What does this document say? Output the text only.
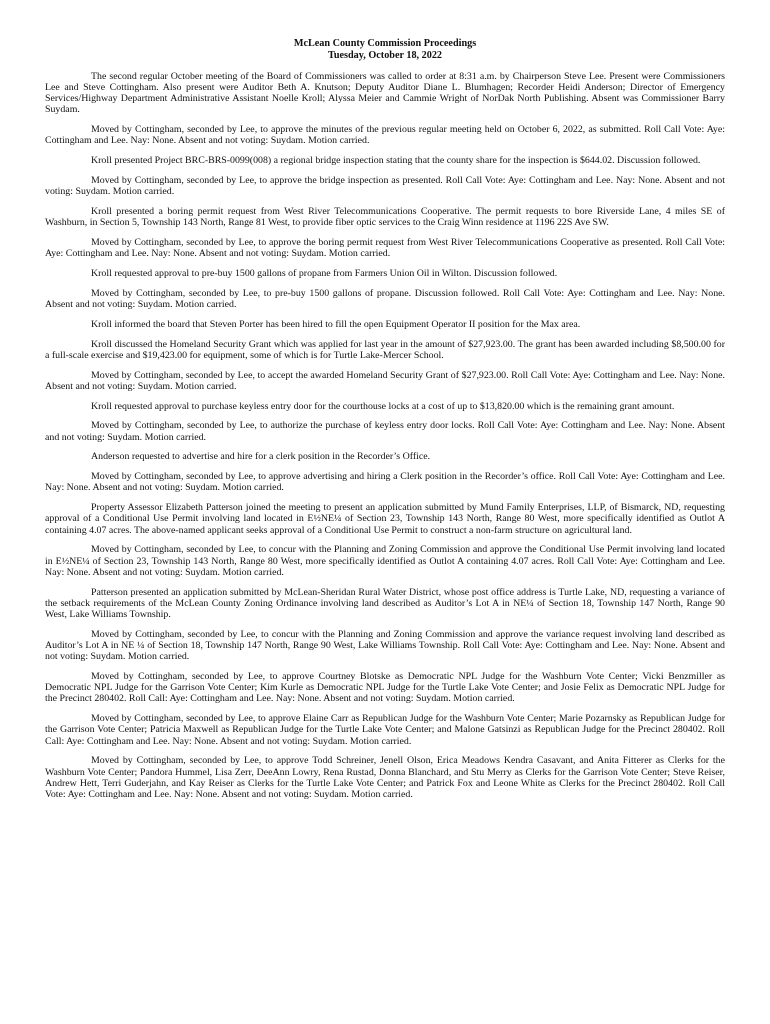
McLean County Commission Proceedings
Tuesday, October 18, 2022

The second regular October meeting of the Board of Commissioners was called to order at 8:31 a.m. by Chairperson Steve Lee. Present were Commissioners Lee and Steve Cottingham. Also present were Auditor Beth A. Knutson; Deputy Auditor Diane L. Blumhagen; Recorder Heidi Anderson; Director of Emergency Services/Highway Department Administrative Assistant Noelle Kroll; Alyssa Meier and Cammie Wright of NorDak North Publishing. Absent was Commissioner Barry Suydam.

Moved by Cottingham, seconded by Lee, to approve the minutes of the previous regular meeting held on October 6, 2022, as submitted. Roll Call Vote: Aye: Cottingham and Lee. Nay: None. Absent and not voting: Suydam. Motion carried.

Kroll presented Project BRC-BRS-0099(008) a regional bridge inspection stating that the county share for the inspection is $644.02. Discussion followed.

Moved by Cottingham, seconded by Lee, to approve the bridge inspection as presented. Roll Call Vote: Aye: Cottingham and Lee. Nay: None. Absent and not voting: Suydam. Motion carried.

Kroll presented a boring permit request from West River Telecommunications Cooperative. The permit requests to bore Riverside Lane, 4 miles SE of Washburn, in Section 5, Township 143 North, Range 81 West, to provide fiber optic services to the Craig Winn residence at 1196 22S Ave SW.

Moved by Cottingham, seconded by Lee, to approve the boring permit request from West River Telecommunications Cooperative as presented. Roll Call Vote: Aye: Cottingham and Lee. Nay: None. Absent and not voting: Suydam. Motion carried.

Kroll requested approval to pre-buy 1500 gallons of propane from Farmers Union Oil in Wilton. Discussion followed.

Moved by Cottingham, seconded by Lee, to pre-buy 1500 gallons of propane. Discussion followed. Roll Call Vote: Aye: Cottingham and Lee. Nay: None. Absent and not voting: Suydam. Motion carried.

Kroll informed the board that Steven Porter has been hired to fill the open Equipment Operator II position for the Max area.

Kroll discussed the Homeland Security Grant which was applied for last year in the amount of $27,923.00. The grant has been awarded including $8,500.00 for a full-scale exercise and $19,423.00 for equipment, some of which is for Turtle Lake-Mercer School.

Moved by Cottingham, seconded by Lee, to accept the awarded Homeland Security Grant of $27,923.00. Roll Call Vote: Aye: Cottingham and Lee. Nay: None. Absent and not voting: Suydam. Motion carried.

Kroll requested approval to purchase keyless entry door for the courthouse locks at a cost of up to $13,820.00 which is the remaining grant amount.

Moved by Cottingham, seconded by Lee, to authorize the purchase of keyless entry door locks. Roll Call Vote: Aye: Cottingham and Lee. Nay: None. Absent and not voting: Suydam. Motion carried.

Anderson requested to advertise and hire for a clerk position in the Recorder’s Office.

Moved by Cottingham, seconded by Lee, to approve advertising and hiring a Clerk position in the Recorder’s office. Roll Call Vote: Aye: Cottingham and Lee. Nay: None. Absent and not voting: Suydam. Motion carried.

Property Assessor Elizabeth Patterson joined the meeting to present an application submitted by Mund Family Enterprises, LLP, of Bismarck, ND, requesting approval of a Conditional Use Permit involving land located in E½NE¼ of Section 23, Township 143 North, Range 80 West, more specifically identified as Outlot A containing 4.07 acres. The above-named applicant seeks approval of a Conditional Use Permit to construct a non-farm structure on agricultural land.

Moved by Cottingham, seconded by Lee, to concur with the Planning and Zoning Commission and approve the Conditional Use Permit involving land located in E½NE¼ of Section 23, Township 143 North, Range 80 West, more specifically identified as Outlot A containing 4.07 acres. Roll Call Vote: Aye: Cottingham and Lee. Nay: None. Absent and not voting: Suydam. Motion carried.

Patterson presented an application submitted by McLean-Sheridan Rural Water District, whose post office address is Turtle Lake, ND, requesting a variance of the setback requirements of the McLean County Zoning Ordinance involving land described as Auditor’s Lot A in NE¼ of Section 18, Township 147 North, Range 90 West, Lake Williams Township.

Moved by Cottingham, seconded by Lee, to concur with the Planning and Zoning Commission and approve the variance request involving land described as Auditor’s Lot A in NE ¼ of Section 18, Township 147 North, Range 90 West, Lake Williams Township. Roll Call Vote: Aye: Cottingham and Lee. Nay: None. Absent and not voting: Suydam. Motion carried.

Moved by Cottingham, seconded by Lee, to approve Courtney Blotske as Democratic NPL Judge for the Washburn Vote Center; Vicki Benzmiller as Democratic NPL Judge for the Garrison Vote Center; Kim Kurle as Democratic NPL Judge for the Turtle Lake Vote Center; and Josie Felix as Democratic NPL Judge for the Precinct 280402. Roll Call: Aye: Cottingham and Lee. Nay: None. Absent and not voting: Suydam. Motion carried.

Moved by Cottingham, seconded by Lee, to approve Elaine Carr as Republican Judge for the Washburn Vote Center; Marie Pozarnsky as Republican Judge for the Garrison Vote Center; Patricia Maxwell as Republican Judge for the Turtle Lake Vote Center; and Malone Gatsinzi as Republican Judge for the Precinct 280402. Roll Call: Aye: Cottingham and Lee. Nay: None. Absent and not voting: Suydam. Motion carried.

Moved by Cottingham, seconded by Lee, to approve Todd Schreiner, Jenell Olson, Erica Meadows Kendra Casavant, and Anita Fitterer as Clerks for the Washburn Vote Center; Pandora Hummel, Lisa Zerr, DeeAnn Lowry, Rena Rustad, Donna Blanchard, and Stu Merry as Clerks for the Garrison Vote Center; Steve Reiser, Andrew Hett, Terri Guderjahn, and Kay Reiser as Clerks for the Turtle Lake Vote Center; and Patrick Fox and Leone White as Clerks for the Precinct 280402. Roll Call Vote: Aye: Cottingham and Lee. Nay: None. Absent and not voting: Suydam. Motion carried.
